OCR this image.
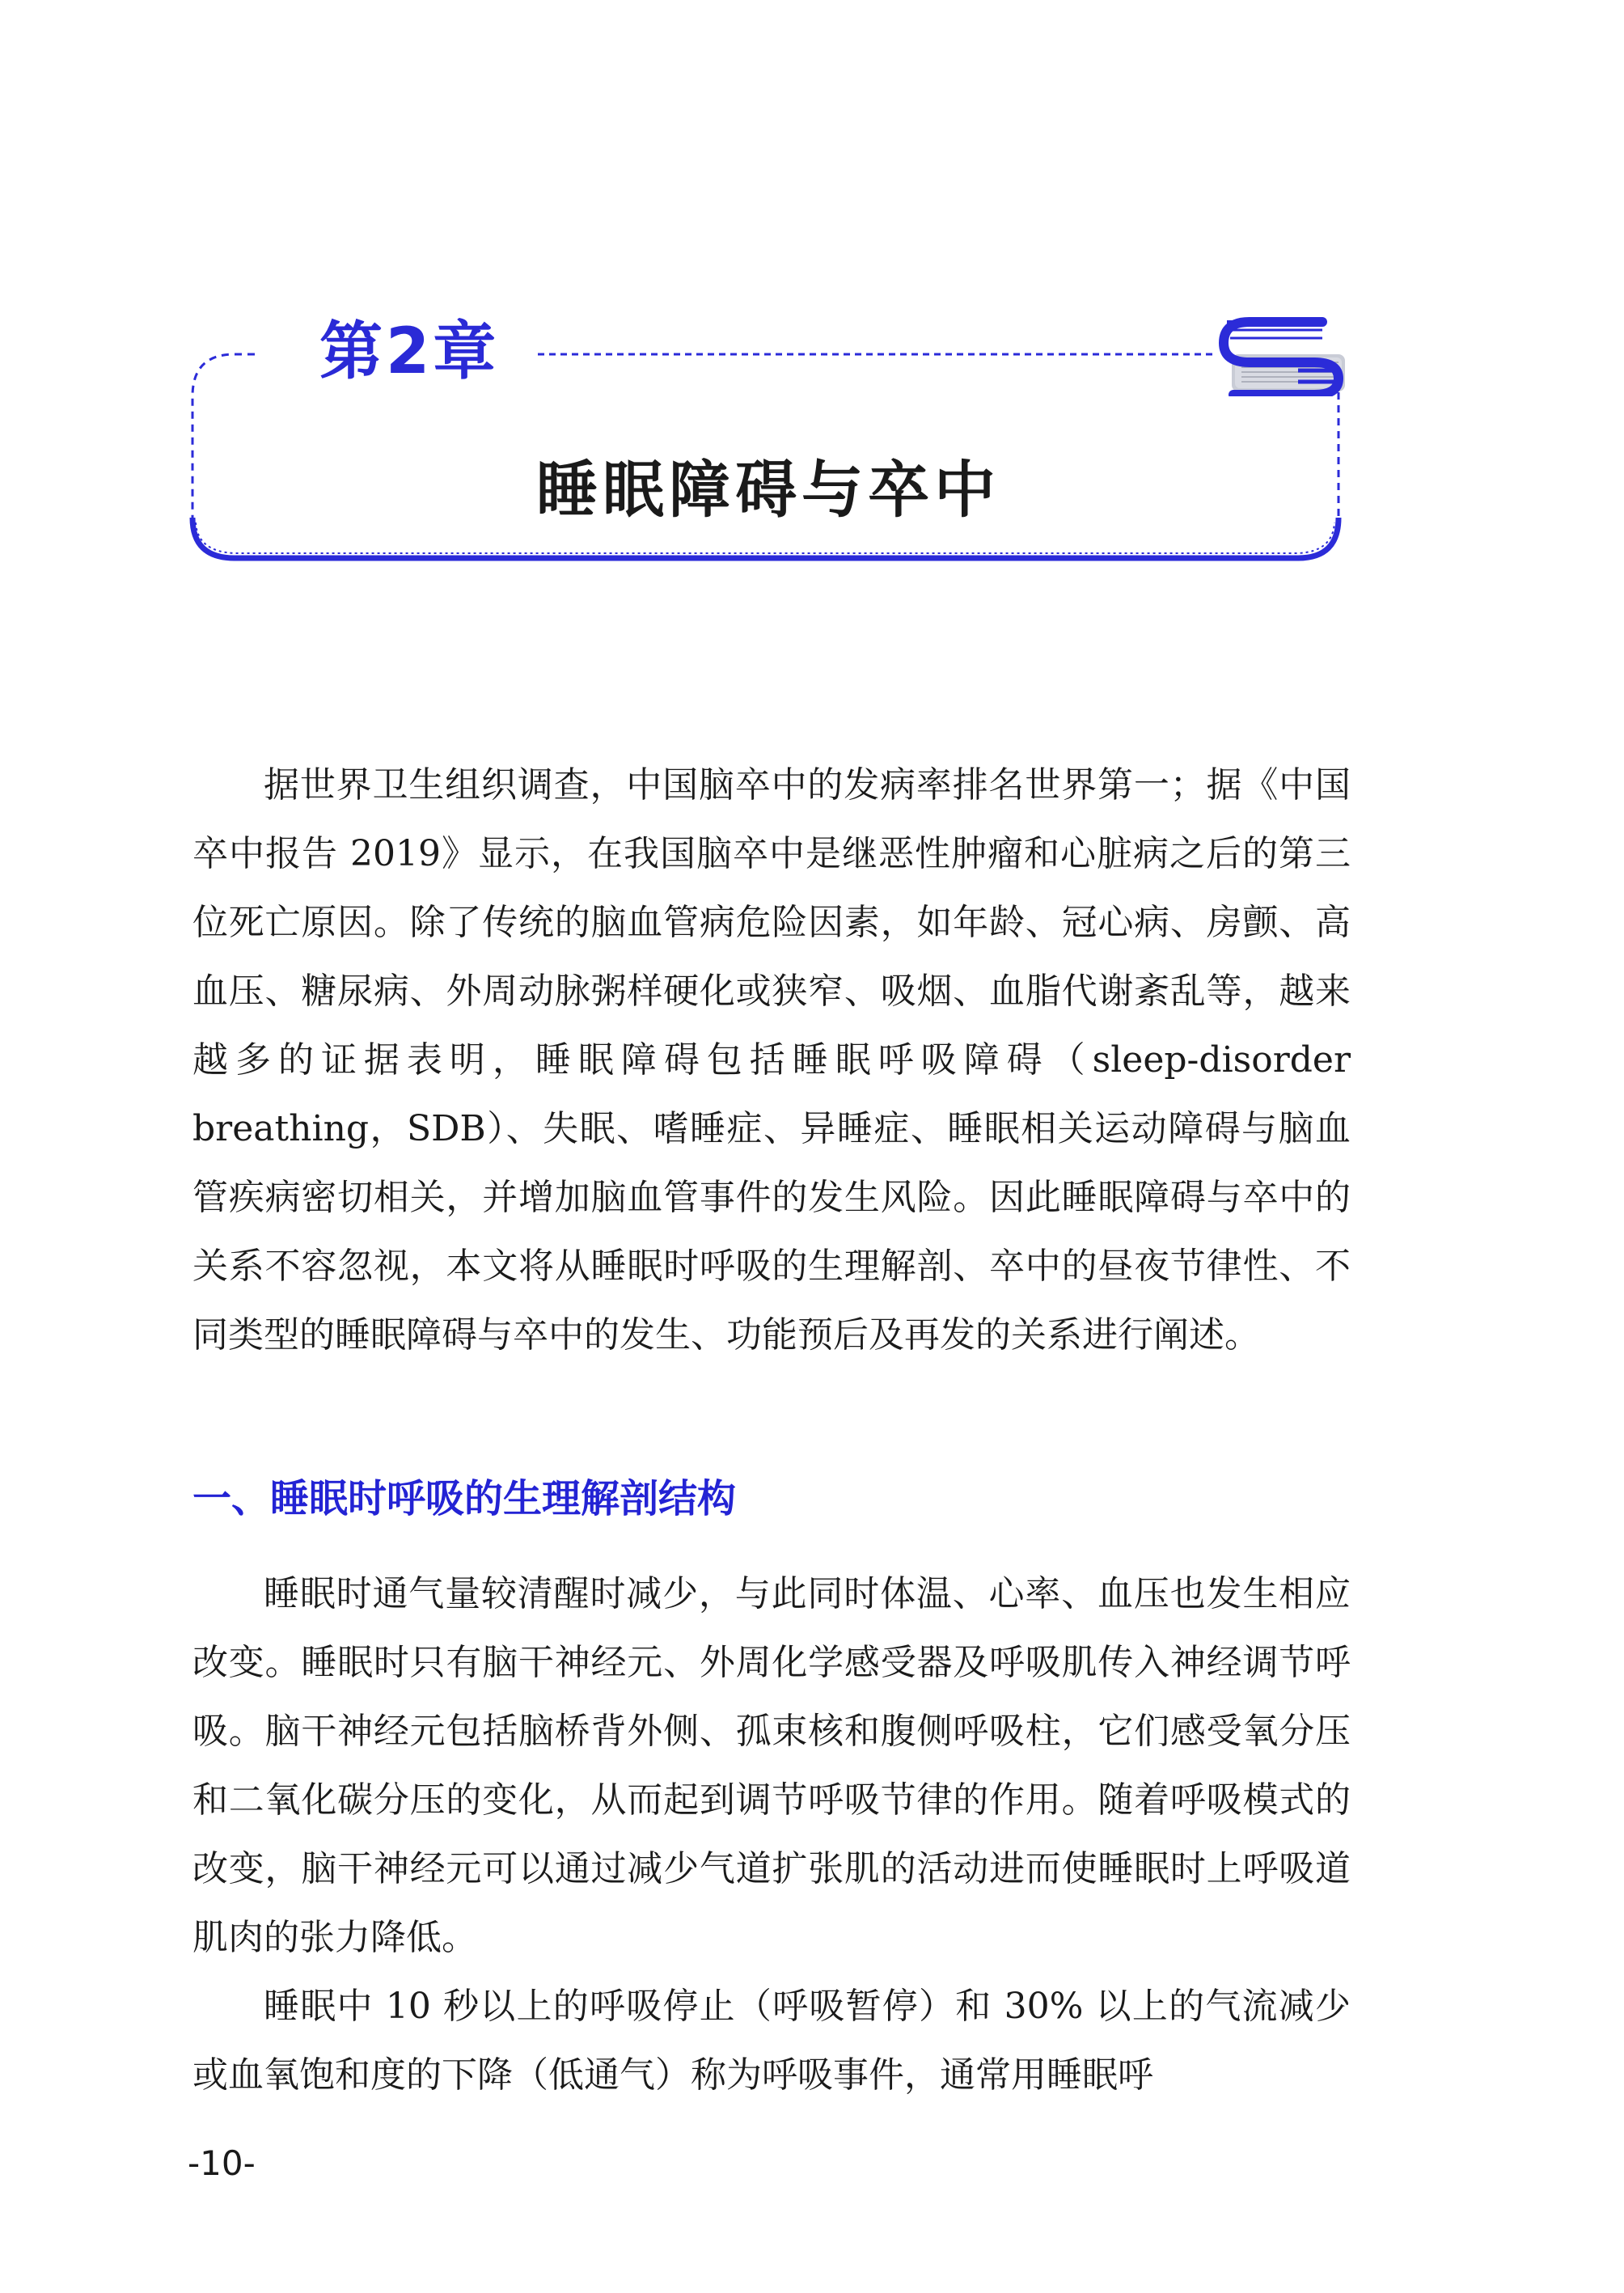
第2章
睡眠障碍与卒中

据世界卫生组织调查，中国脑卒中的发病率排名世界第一；据《中国卒中报告 2019》显示，在我国脑卒中是继恶性肿瘤和心脏病之后的第三位死亡原因。除了传统的脑血管病危险因素，如年龄、冠心病、房颤、高血压、糖尿病、外周动脉粥样硬化或狭窄、吸烟、血脂代谢紊乱等，越来越多的证据表明，睡眠障碍包括睡眠呼吸障碍（sleep-disorder breathing，SDB）、失眠、嗜睡症、异睡症、睡眠相关运动障碍与脑血管疾病密切相关，并增加脑血管事件的发生风险。因此睡眠障碍与卒中的关系不容忽视，本文将从睡眠时呼吸的生理解剖、卒中的昼夜节律性、不同类型的睡眠障碍与卒中的发生、功能预后及再发的关系进行阐述。

一、睡眠时呼吸的生理解剖结构

睡眠时通气量较清醒时减少，与此同时体温、心率、血压也发生相应改变。睡眠时只有脑干神经元、外周化学感受器及呼吸肌传入神经调节呼吸。脑干神经元包括脑桥背外侧、孤束核和腹侧呼吸柱，它们感受氧分压和二氧化碳分压的变化，从而起到调节呼吸节律的作用。随着呼吸模式的改变，脑干神经元可以通过减少气道扩张肌的活动进而使睡眠时上呼吸道肌肉的张力降低。

睡眠中 10 秒以上的呼吸停止（呼吸暂停）和 30% 以上的气流减少或血氧饱和度的下降（低通气）称为呼吸事件，通常用睡眠呼

-10-
